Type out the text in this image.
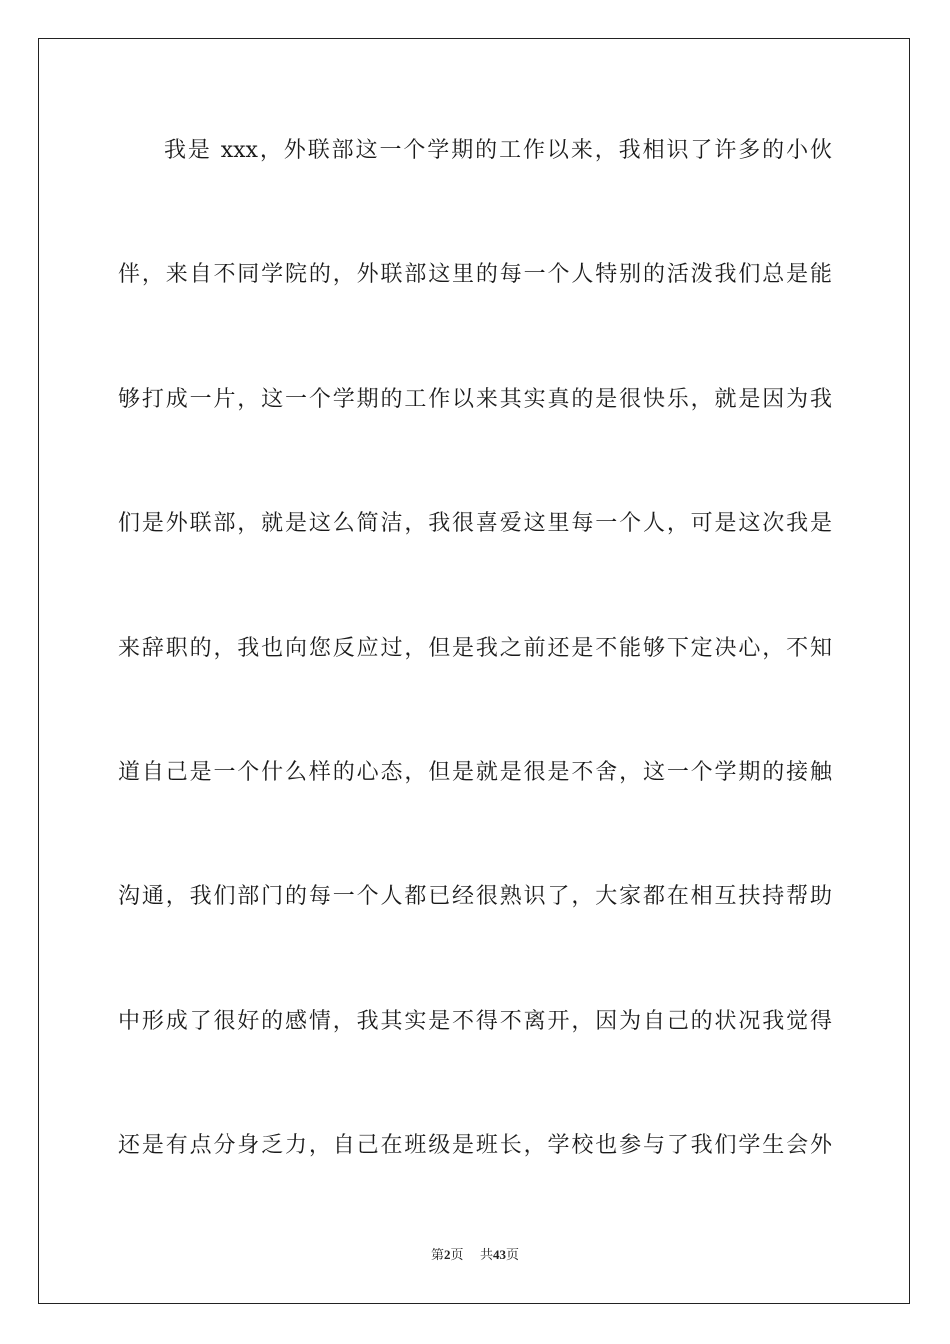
我是 xxx，外联部这一个学期的工作以来，我相识了许多的小伙
伴，来自不同学院的，外联部这里的每一个人特别的活泼我们总是能
够打成一片，这一个学期的工作以来其实真的是很快乐，就是因为我
们是外联部，就是这么简洁，我很喜爱这里每一个人，可是这次我是
来辞职的，我也向您反应过，但是我之前还是不能够下定决心，不知
道自己是一个什么样的心态，但是就是很是不舍，这一个学期的接触
沟通，我们部门的每一个人都已经很熟识了，大家都在相互扶持帮助
中形成了很好的感情，我其实是不得不离开，因为自己的状况我觉得
还是有点分身乏力，自己在班级是班长，学校也参与了我们学生会外
第2页 共43页
